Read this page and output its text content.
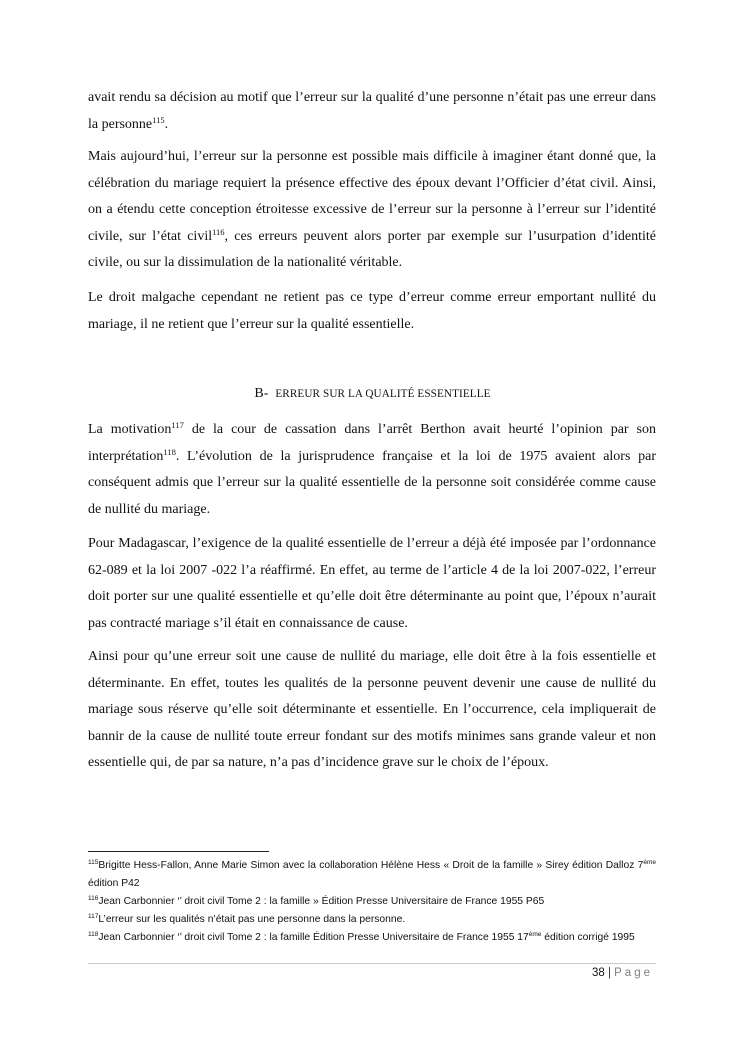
avait rendu sa décision au motif que l’erreur sur la qualité d’une personne n’était pas une erreur dans la personne$^{115}$.

Mais aujourd’hui, l’erreur sur la personne est possible mais difficile à imaginer étant donné que, la célébration du mariage requiert la présence effective des époux devant l’Officier d’état civil. Ainsi, on a étendu cette conception étroitesse excessive de l’erreur sur la personne à l’erreur sur l’identité civile, sur l’état civil$^{116}$, ces erreurs peuvent alors porter par exemple sur l’usurpation d’identité civile, ou sur la dissimulation de la nationalité véritable.

Le droit malgache cependant ne retient pas ce type d’erreur comme erreur emportant nullité du mariage, il ne retient que l’erreur sur la qualité essentielle.

B- ERREUR SUR LA QUALITÉ ESSENTIELLE

La motivation$^{117}$ de la cour de cassation dans l’arrêt Berthon avait heurté l’opinion par son interprétation$^{118}$. L’évolution de la jurisprudence française et la loi de 1975 avaient alors par conséquent admis que l’erreur sur la qualité essentielle de la personne soit considérée comme cause de nullité du mariage.

Pour Madagascar, l’exigence de la qualité essentielle de l’erreur a déjà été imposée par l’ordonnance 62-089 et la loi 2007 -022 l’a réaffirmé. En effet, au terme de l’article 4 de la loi 2007-022, l’erreur doit porter sur une qualité essentielle et qu’elle doit être déterminante au point que, l’époux n’aurait pas contracté mariage s’il était en connaissance de cause.

Ainsi pour qu’une erreur soit une cause de nullité du mariage, elle doit être à la fois essentielle et déterminante. En effet, toutes les qualités de la personne peuvent devenir une cause de nullité du mariage sous réserve qu’elle soit déterminante et essentielle. En l’occurrence, cela impliquerait de bannir de la cause de nullité toute erreur fondant sur des motifs minimes sans grande valeur et non essentielle qui, de par sa nature, n’a pas d’incidence grave sur le choix de l’époux.

$^{115}$Brigitte Hess-Fallon, Anne Marie Simon avec la collaboration Hélène Hess « Droit de la famille » Sirey édition Dalloz 7ème édition P42

$^{116}$Jean Carbonnier ‘’ droit civil Tome 2 : la famille » Édition Presse Universitaire de France 1955 P65

$^{117}$L’erreur sur les qualités n’était pas une personne dans la personne.

$^{118}$Jean Carbonnier ‘’ droit civil Tome 2 : la famille Édition Presse Universitaire de France 1955 17ème édition corrigé 1995

38 | Page
